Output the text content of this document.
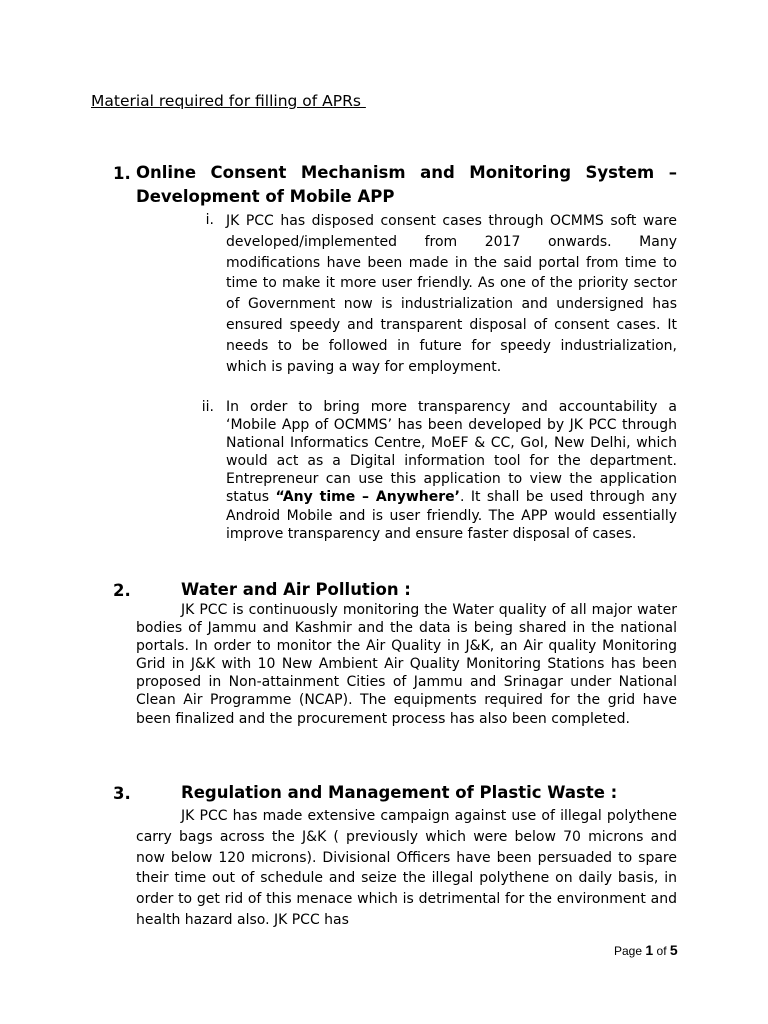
Material required for filling of APRs
1. Online Consent Mechanism and Monitoring System – Development of Mobile APP
i. JK PCC has disposed consent cases through OCMMS soft ware developed/implemented from 2017 onwards. Many modifications have been made in the said portal from time to time to make it more user friendly. As one of the priority sector of Government now is industrialization and undersigned has ensured speedy and transparent disposal of consent cases. It needs to be followed in future for speedy industrialization, which is paving a way for employment.

ii. In order to bring more transparency and accountability a ‘Mobile App of OCMMS’ has been developed by JK PCC through National Informatics Centre, MoEF & CC, GoI, New Delhi, which would act as a Digital information tool for the department. Entrepreneur can use this application to view the application status “Any time – Anywhere’. It shall be used through any Android Mobile and is user friendly. The APP would essentially improve transparency and ensure faster disposal of cases.

2.	Water and Air Pollution :

JK PCC is continuously monitoring the Water quality of all major water bodies of Jammu and Kashmir and the data is being shared in the national portals. In order to monitor the Air Quality in J&K, an Air quality Monitoring Grid in J&K with 10 New Ambient Air Quality Monitoring Stations has been proposed in Non-attainment Cities of Jammu and Srinagar under National Clean Air Programme (NCAP). The equipments required for the grid have been finalized and the procurement process has also been completed.

3.	Regulation and Management of Plastic Waste :

JK PCC has made extensive campaign against use of illegal polythene carry bags across the J&K ( previously which were below 70 microns and now below 120 microns). Divisional Officers have been persuaded to spare their time out of schedule and seize the illegal polythene on daily basis, in order to get rid of this menace which is detrimental for the environment and health hazard also. JK PCC has

Page 1 of 5
